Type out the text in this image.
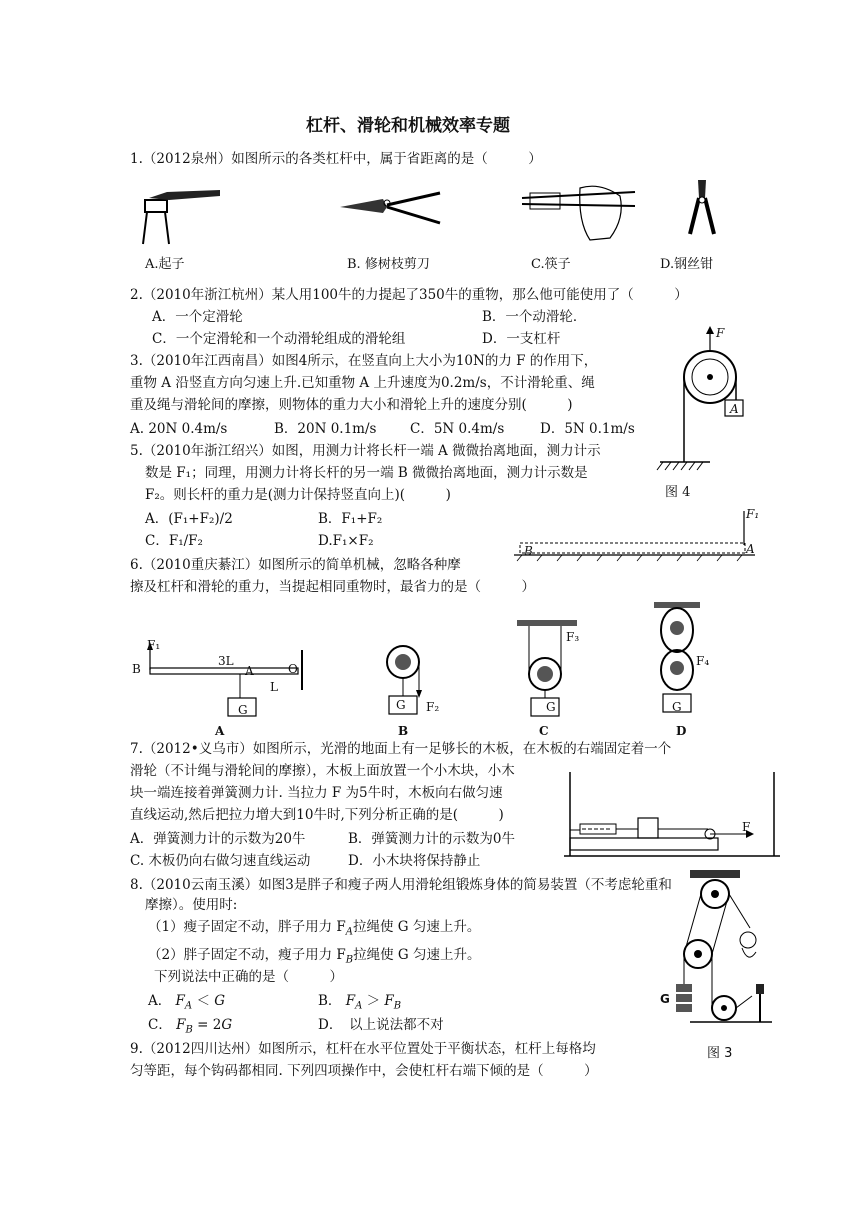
杠杆、滑轮和机械效率专题
1.（2012泉州）如图所示的各类杠杆中，属于省距离的是（　　　）
A.起子	B. 修树枝剪刀	C.筷子	D.钢丝钳
2.（2010年浙江杭州）某人用100牛的力提起了350牛的重物，那么他可能使用了（　　　）
A．一个定滑轮	B．一个动滑轮．
C．一个定滑轮和一个动滑轮组成的滑轮组	D．一支杠杆
3.（2010年江西南昌）如图4所示，在竖直向上大小为10N的力 F 的作用下，
重物 A 沿竖直方向匀速上升.已知重物 A 上升速度为0.2m/s，不计滑轮重、绳
重及绳与滑轮间的摩擦，则物体的重力大小和滑轮上升的速度分别(　　　)
A. 20N 0.4m/s	B．20N 0.1m/s C．5N 0.4m/s	D．5N 0.1m/s
F
A
图 4
5.（2010年浙江绍兴）如图，用测力计将长杆一端 A 微微抬离地面，测力计示
数是 F₁；同理，用测力计将长杆的另一端 B 微微抬离地面，测力计示数是
F₂。则长杆的重力是(测力计保持竖直向上)(　　　)
A．(F₁+F₂)/2	B．F₁+F₂
C．F₁/F₂	D.F₁×F₂
B	A
F₁
6.（2010重庆綦江）如图所示的简单机械，忽略各种摩
擦及杠杆和滑轮的重力，当提起相同重物时，最省力的是（　　　）
F₁
B
3L
A	O
L
G
A
G F₂
B
G
F₃
C
G
F₄
D
7.（2012•义乌市）如图所示，光滑的地面上有一足够长的木板，在木板的右端固定着一个
滑轮（不计绳与滑轮间的摩擦），木板上面放置一个小木块，小木
块一端连接着弹簧测力计. 当拉力 F 为5牛时，木板向右做匀速
直线运动,然后把拉力增大到10牛时,下列分析正确的是(　　　)
A．弹簧测力计的示数为20牛	B．弹簧测力计的示数为0牛
C. 木板仍向右做匀速直线运动	D．小木块将保持静止
F
8.（2010云南玉溪）如图3是胖子和瘦子两人用滑轮组锻炼身体的简易装置（不考虑轮重和
摩擦）。使用时:
（1）瘦子固定不动，胖子用力 $F_A$拉绳使 G 匀速上升。
（2）胖子固定不动，瘦子用力 $F_B$拉绳使 G 匀速上升。
下列说法中正确的是（　　　）
A． $F_A < G$	B． $F_A > F_B$
C． $F_B = 2G$	D．　以上说法都不对
G
图 3
9.（2012四川达州）如图所示，杠杆在水平位置处于平衡状态，杠杆上每格均
匀等距，每个钩码都相同. 下列四项操作中，会使杠杆右端下倾的是（　　　）
